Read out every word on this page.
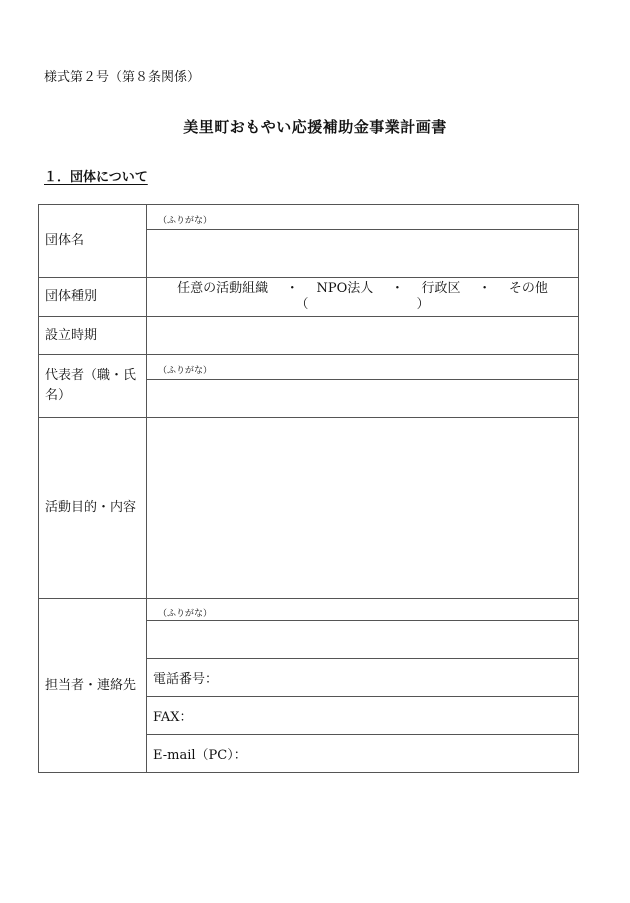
様式第２号（第８条関係）
美里町おもやい応援補助金事業計画書
１．団体について
団体名	（ふりがな）

団体種別	任意の活動組織 ・ NPO法人 ・ 行政区 ・ その他
（ ）

設立時期	
代表者（職・氏名）	（ふりがな）

活動目的・内容	
担当者・連絡先	（ふりがな）

	電話番号：
	FAX：
	E-mail（PC）：
